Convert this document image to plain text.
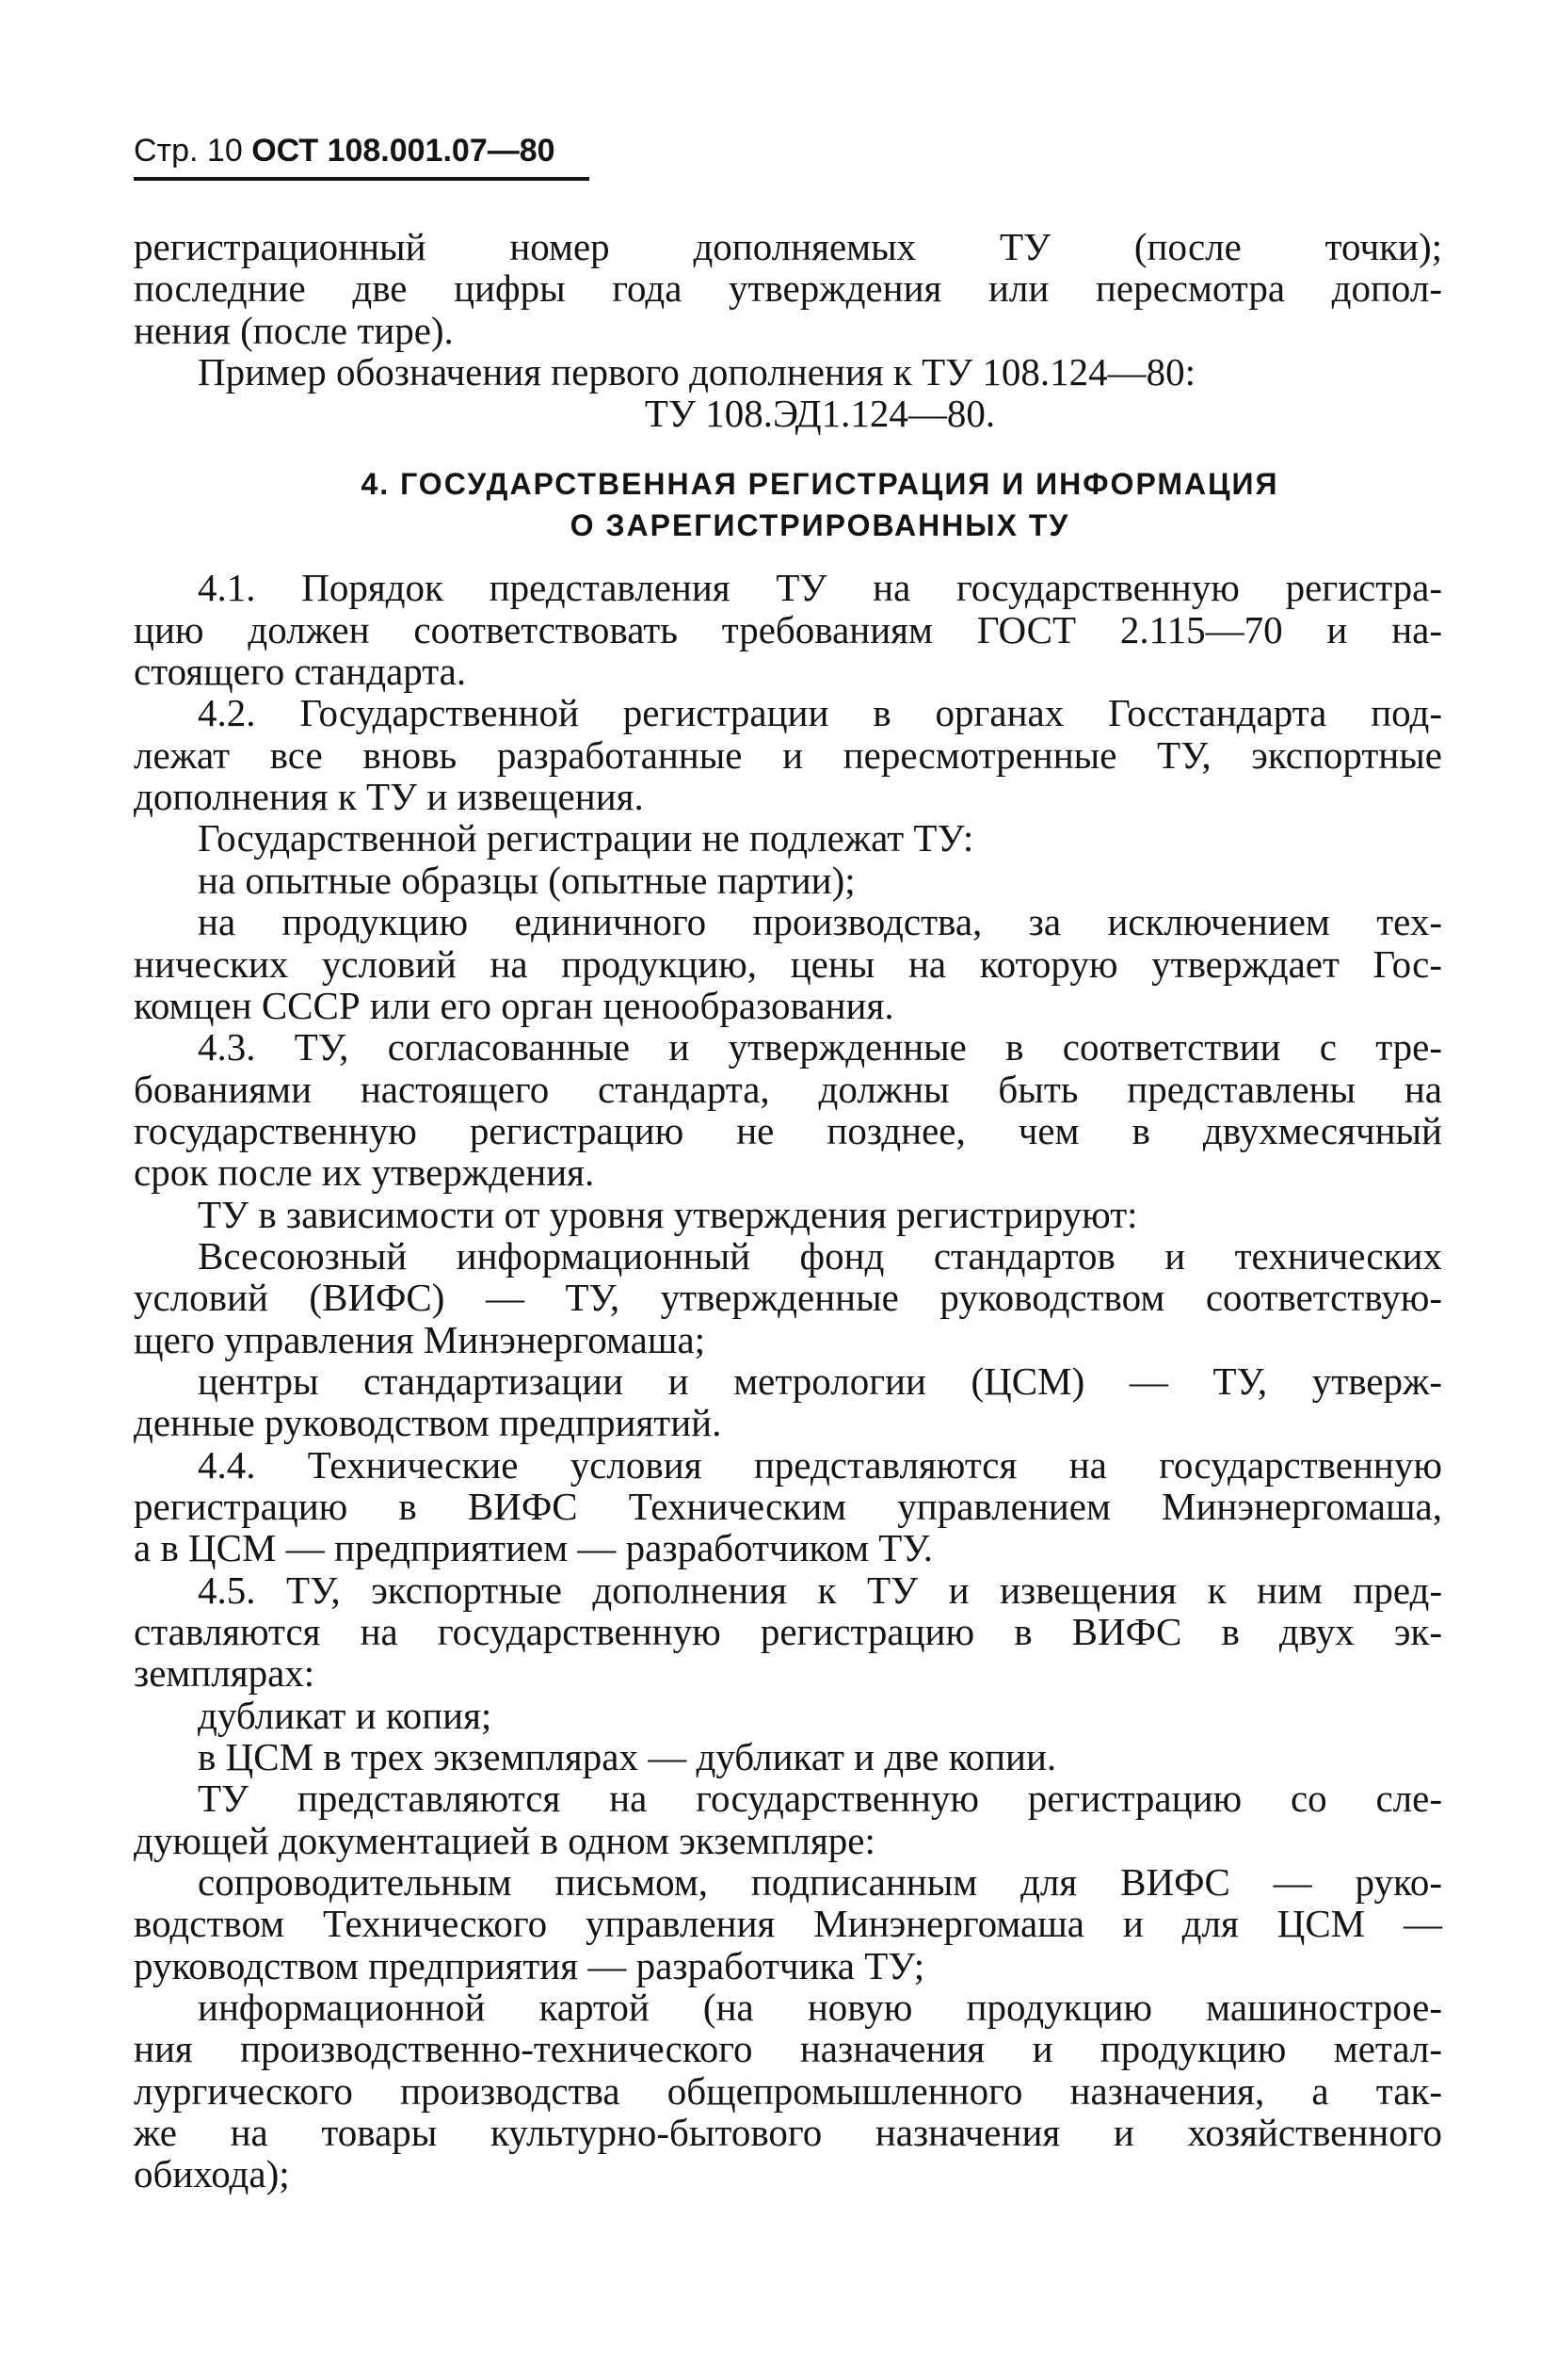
Стр. 10 ОСТ 108.001.07—80
регистрационный номер дополняемых ТУ (после точки);
последние две цифры года утверждения или пересмотра допол-
нения (после тире).
Пример обозначения первого дополнения к ТУ 108.124—80:
ТУ 108.ЭД1.124—80.
4. ГОСУДАРСТВЕННАЯ РЕГИСТРАЦИЯ И ИНФОРМАЦИЯ
О ЗАРЕГИСТРИРОВАННЫХ ТУ
4.1. Порядок представления ТУ на государственную регистра-
цию должен соответствовать требованиям ГОСТ 2.115—70 и на-
стоящего стандарта.
4.2. Государственной регистрации в органах Госстандарта под-
лежат все вновь разработанные и пересмотренные ТУ, экспортные
дополнения к ТУ и извещения.
Государственной регистрации не подлежат ТУ:
на опытные образцы (опытные партии);
на продукцию единичного производства, за исключением тех-
нических условий на продукцию, цены на которую утверждает Гос-
комцен СССР или его орган ценообразования.
4.3. ТУ, согласованные и утвержденные в соответствии с тре-
бованиями настоящего стандарта, должны быть представлены на
государственную регистрацию не позднее, чем в двухмесячный
срок после их утверждения.
ТУ в зависимости от уровня утверждения регистрируют:
Всесоюзный информационный фонд стандартов и технических
условий (ВИФС) — ТУ, утвержденные руководством соответствую-
щего управления Минэнергомаша;
центры стандартизации и метрологии (ЦСМ) — ТУ, утверж-
денные руководством предприятий.
4.4. Технические условия представляются на государственную
регистрацию в ВИФС Техническим управлением Минэнергомаша,
а в ЦСМ — предприятием — разработчиком ТУ.
4.5. ТУ, экспортные дополнения к ТУ и извещения к ним пред-
ставляются на государственную регистрацию в ВИФС в двух эк-
земплярах:
дубликат и копия;
в ЦСМ в трех экземплярах — дубликат и две копии.
ТУ представляются на государственную регистрацию со сле-
дующей документацией в одном экземпляре:
сопроводительным письмом, подписанным для ВИФС — руко-
водством Технического управления Минэнергомаша и для ЦСМ —
руководством предприятия — разработчика ТУ;
информационной картой (на новую продукцию машинострое-
ния производственно-технического назначения и продукцию метал-
лургического производства общепромышленного назначения, а так-
же на товары культурно-бытового назначения и хозяйственного
обихода);
